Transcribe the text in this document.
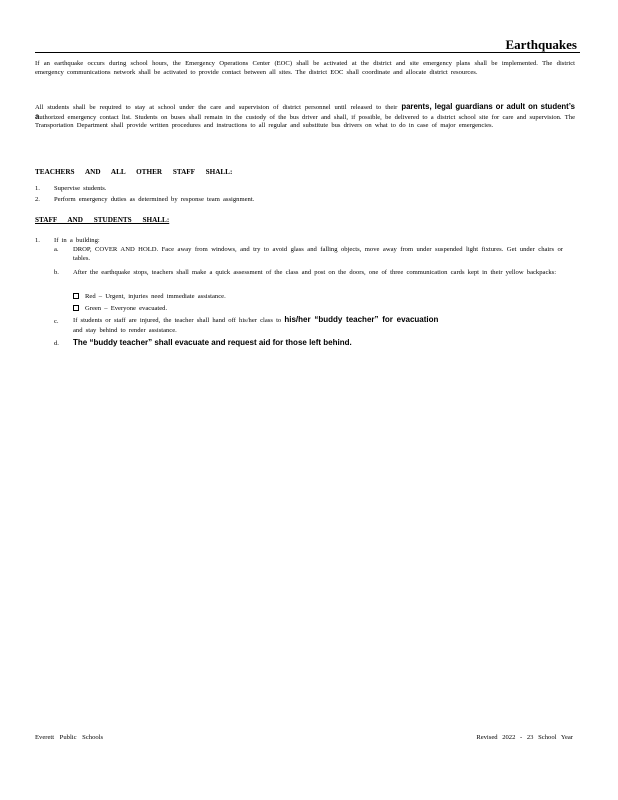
Earthquakes
If an earthquake occurs during school hours, the Emergency Operations Center (EOC) shall be activated at the district and site emergency plans shall be implemented. The district emergency communications network shall be activated to provide contact between all sites. The district EOC shall coordinate and allocate district resources.
All students shall be required to stay at school under the care and supervision of district personnel until released to their parents, legal guardians or adult on student’s authorized emergency contact list. Students on buses shall remain in the custody of the bus driver and shall, if possible, be delivered to a district school site for care and supervision. The Transportation Department shall provide written procedures and instructions to all regular and substitute bus drivers on what to do in case of major emergencies.
TEACHERS AND ALL OTHER STAFF SHALL:
1. Supervise students.
2. Perform emergency duties as determined by response team assignment.
STAFF AND STUDENTS SHALL:
1. If in a building:
a. DROP, COVER AND HOLD. Face away from windows, and try to avoid glass and falling objects, move away from under suspended light fixtures. Get under chairs or tables.
b. After the earthquake stops, teachers shall make a quick assessment of the class and post on the doors, one of three communication cards kept in their yellow backpacks:
Red – Urgent, injuries need immediate assistance.
Green – Everyone evacuated.
c. If students or staff are injured, the teacher shall hand off his/her class to his/her “buddy teacher” for evacuation
and stay behind to render assistance.
d. The “buddy teacher” shall evacuate and request aid for those left behind.
Everett Public Schools	Revised 2022 - 23 School Year
